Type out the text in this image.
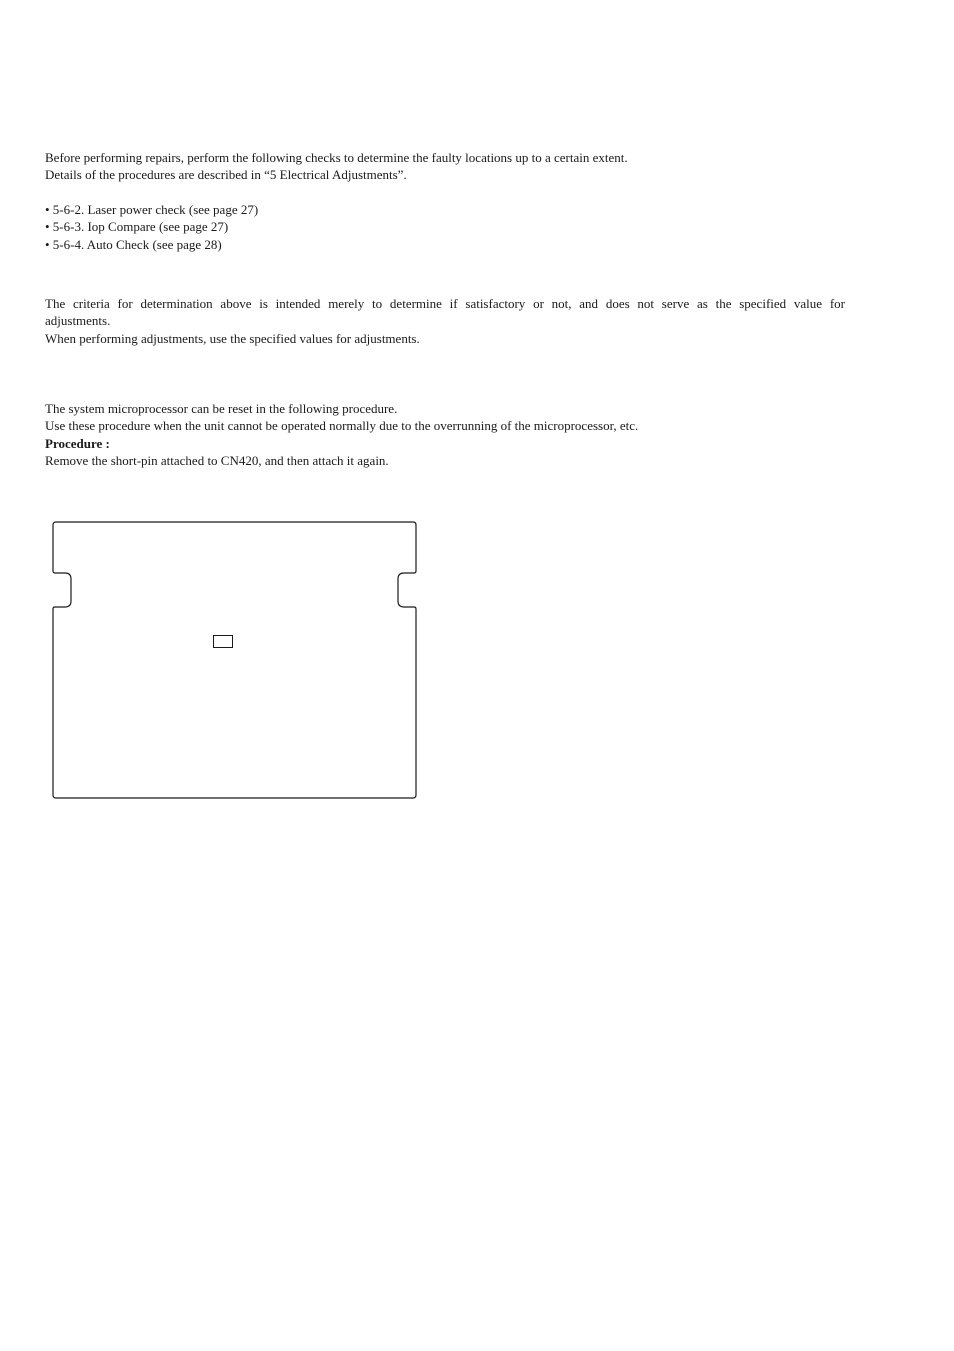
Before performing repairs, perform the following checks to determine the faulty locations up to a certain extent.
Details of the procedures are described in “5 Electrical Adjustments”.
• 5-6-2. Laser power check (see page 27)
• 5-6-3. Iop Compare (see page 27)
• 5-6-4. Auto Check (see page 28)
The criteria for determination above is intended merely to determine if satisfactory or not, and does not serve as the specified value for
adjustments.
When performing adjustments, use the specified values for adjustments.
The system microprocessor can be reset in the following procedure.
Use these procedure when the unit cannot be operated normally due to the overrunning of the microprocessor, etc.
Procedure :
Remove the short-pin attached to CN420, and then attach it again.
